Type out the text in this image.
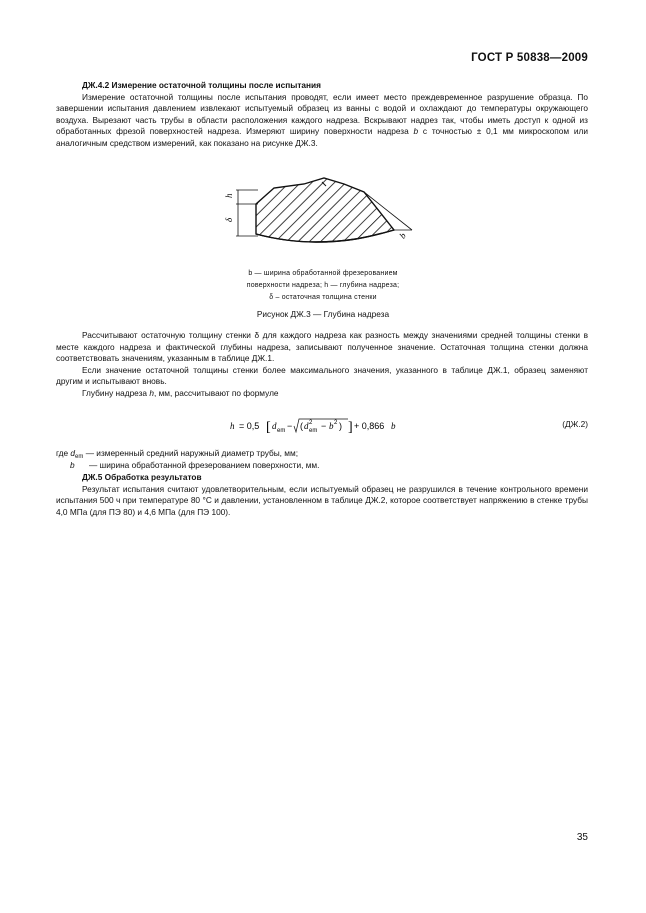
ГОСТ Р 50838—2009

ДЖ.4.2 Измерение остаточной толщины после испытания

Измерение остаточной толщины после испытания проводят, если имеет место преждевременное разрушение образца. По завершении испытания давлением извлекают испытуемый образец из ванны с водой и охлаждают до температуры окружающего воздуха. Вырезают часть трубы в области расположения каждого надреза. Вскрывают надрез так, чтобы иметь доступ к одной из обработанных фрезой поверхностей надреза. Измеряют ширину поверхности надреза b с точностью ± 0,1 мм микроскопом или аналогичным средством измерений, как показано на рисунке ДЖ.3.

h
δ
b
b — ширина обработанной фрезерованием
поверхности надреза; h — глубина надреза;
δ – остаточная толщина стенки
Рисунок ДЖ.3 — Глубина надреза

Рассчитывают остаточную толщину стенки δ для каждого надреза как разность между значениями средней толщины стенки в месте каждого надреза и фактической глубины надреза, записывают полученное значение. Остаточная толщина стенки должна соответствовать значениям, указанным в таблице ДЖ.1.

Если значение остаточной толщины стенки более максимального значения, указанного в таблице ДЖ.1, образец заменяют другим и испытывают вновь.

Глубину надреза h, мм, рассчитывают по формуле

h = 0,5 [ d em − ( d 2
em − b 2 ) ] + 0,866 b	(ДЖ.2)
где $d_{em}$ — измеренный средний наружный диаметр трубы, мм;
b — ширина обработанной фрезерованием поверхности, мм.

ДЖ.5 Обработка результатов

Результат испытания считают удовлетворительным, если испытуемый образец не разрушился в течение контрольного времени испытания 500 ч при температуре 80 °С и давлении, установленном в таблице ДЖ.2, которое соответствует напряжению в стенке трубы 4,0 МПа (для ПЭ 80) и 4,6 МПа (для ПЭ 100).

35
